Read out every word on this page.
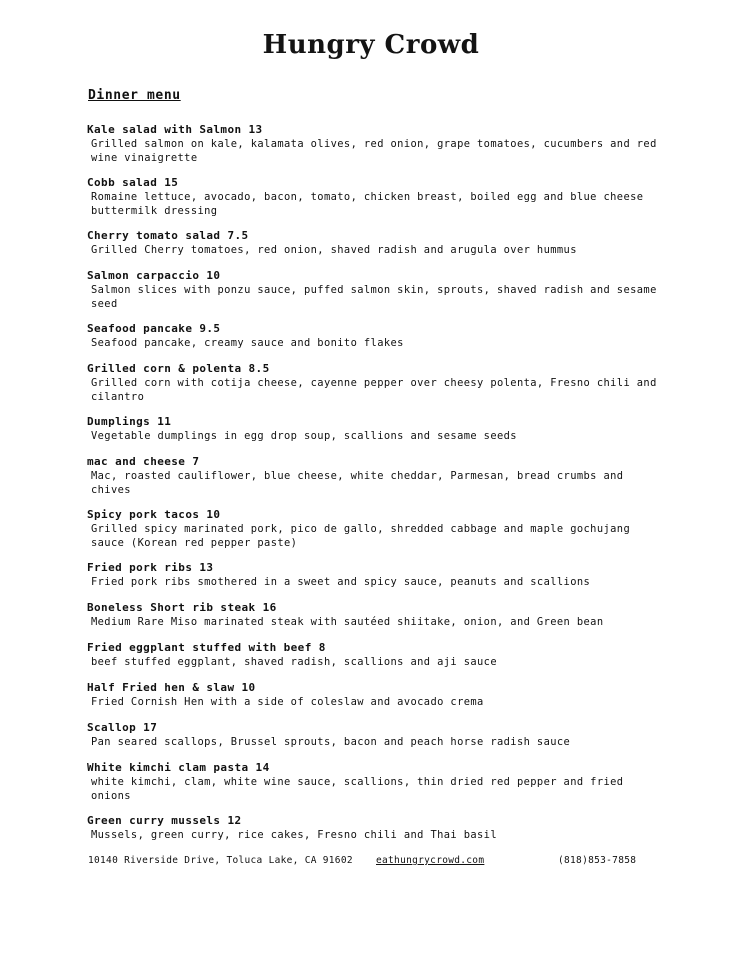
Hungry Crowd
Dinner menu
Kale salad with Salmon 13
Grilled salmon on kale, kalamata olives, red onion, grape tomatoes, cucumbers and red wine vinaigrette
Cobb salad 15
Romaine lettuce, avocado, bacon, tomato, chicken breast, boiled egg and blue cheese buttermilk dressing
Cherry tomato salad 7.5
Grilled Cherry tomatoes, red onion, shaved radish and arugula over hummus
Salmon carpaccio 10
Salmon slices with ponzu sauce, puffed salmon skin, sprouts, shaved radish and sesame seed
Seafood pancake 9.5
Seafood pancake, creamy sauce and bonito flakes
Grilled corn & polenta 8.5
Grilled corn with cotija cheese, cayenne pepper over cheesy polenta, Fresno chili and cilantro
Dumplings 11
Vegetable dumplings in egg drop soup, scallions and sesame seeds
mac and cheese 7
Mac, roasted cauliflower, blue cheese, white cheddar, Parmesan, bread crumbs and chives
Spicy pork tacos 10
Grilled spicy marinated pork, pico de gallo, shredded cabbage and maple gochujang sauce (Korean red pepper paste)
Fried pork ribs 13
Fried pork ribs smothered in a sweet and spicy sauce, peanuts and scallions
Boneless Short rib steak 16
Medium Rare Miso marinated steak with sautéed shiitake, onion, and Green bean
Fried eggplant stuffed with beef 8
beef stuffed eggplant, shaved radish, scallions and aji sauce
Half Fried hen & slaw 10
Fried Cornish Hen with a side of coleslaw and avocado crema
Scallop 17
Pan seared scallops, Brussel sprouts, bacon and peach horse radish sauce
White kimchi clam pasta 14
white kimchi, clam, white wine sauce, scallions, thin dried red pepper and fried onions
Green curry mussels 12
Mussels, green curry, rice cakes, Fresno chili and Thai basil
10140 Riverside Drive, Toluca Lake, CA 91602 eathungrycrowd.com	(818)853-7858
